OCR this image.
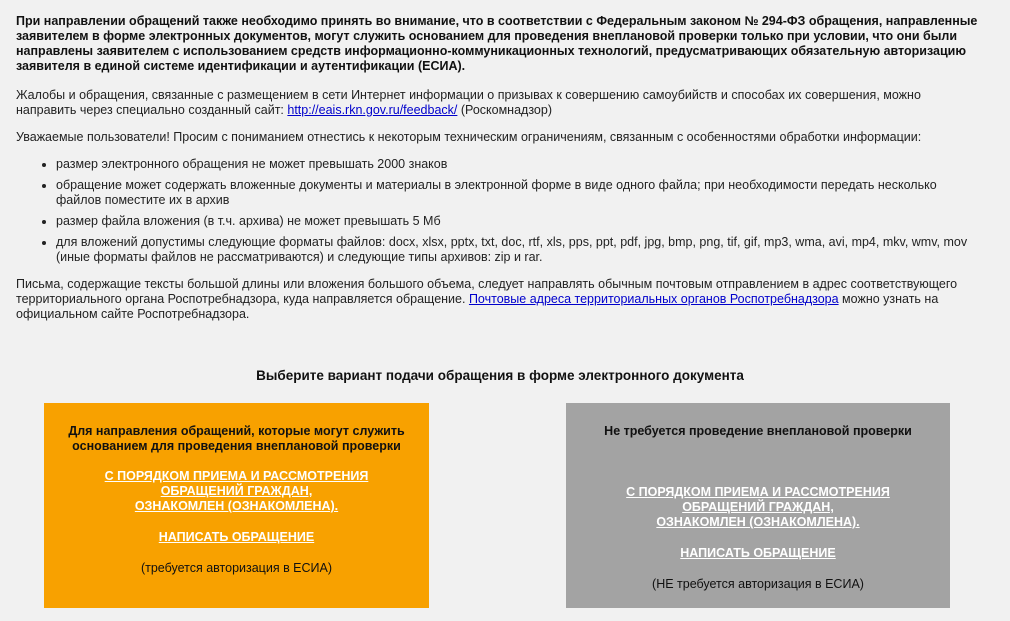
При направлении обращений также необходимо принять во внимание, что в соответствии с Федеральным законом № 294-ФЗ обращения, направленные заявителем в форме электронных документов, могут служить основанием для проведения внеплановой проверки только при условии, что они были направлены заявителем с использованием средств информационно-коммуникационных технологий, предусматривающих обязательную авторизацию заявителя в единой системе идентификации и аутентификации (ЕСИА).

Жалобы и обращения, связанные с размещением в сети Интернет информации о призывах к совершению самоубийств и способах их совершения, можно направить через специально созданный сайт: http://eais.rkn.gov.ru/feedback/ (Роскомнадзор)

Уважаемые пользователи! Просим с пониманием отнестись к некоторым техническим ограничениям, связанным с особенностями обработки информации:

• размер электронного обращения не может превышать 2000 знаков
• обращение может содержать вложенные документы и материалы в электронной форме в виде одного файла; при необходимости передать несколько файлов поместите их в архив
• размер файла вложения (в т.ч. архива) не может превышать 5 Мб
• для вложений допустимы следующие форматы файлов: docx, xlsx, pptx, txt, doc, rtf, xls, pps, ppt, pdf, jpg, bmp, png, tif, gif, mp3, wma, avi, mp4, mkv, wmv, mov (иные форматы файлов не рассматриваются) и следующие типы архивов: zip и rar.

Письма, содержащие тексты большой длины или вложения большого объема, следует направлять обычным почтовым отправлением в адрес соответствующего территориального органа Роспотребнадзора, куда направляется обращение. Почтовые адреса территориальных органов Роспотребнадзора можно узнать на официальном сайте Роспотребнадзора.

Выберите вариант подачи обращения в форме электронного документа
Для направления обращений, которые могут служить
основанием для проведения внеплановой проверки
С ПОРЯДКОМ ПРИЕМА И РАССМОТРЕНИЯ
ОБРАЩЕНИЙ ГРАЖДАН,
ОЗНАКОМЛЕН (ОЗНАКОМЛЕНА).
НАПИСАТЬ ОБРАЩЕНИЕ
(требуется авторизация в ЕСИА)
Не требуется проведение внеплановой проверки
С ПОРЯДКОМ ПРИЕМА И РАССМОТРЕНИЯ
ОБРАЩЕНИЙ ГРАЖДАН,
ОЗНАКОМЛЕН (ОЗНАКОМЛЕНА).
НАПИСАТЬ ОБРАЩЕНИЕ
(НЕ требуется авторизация в ЕСИА)
